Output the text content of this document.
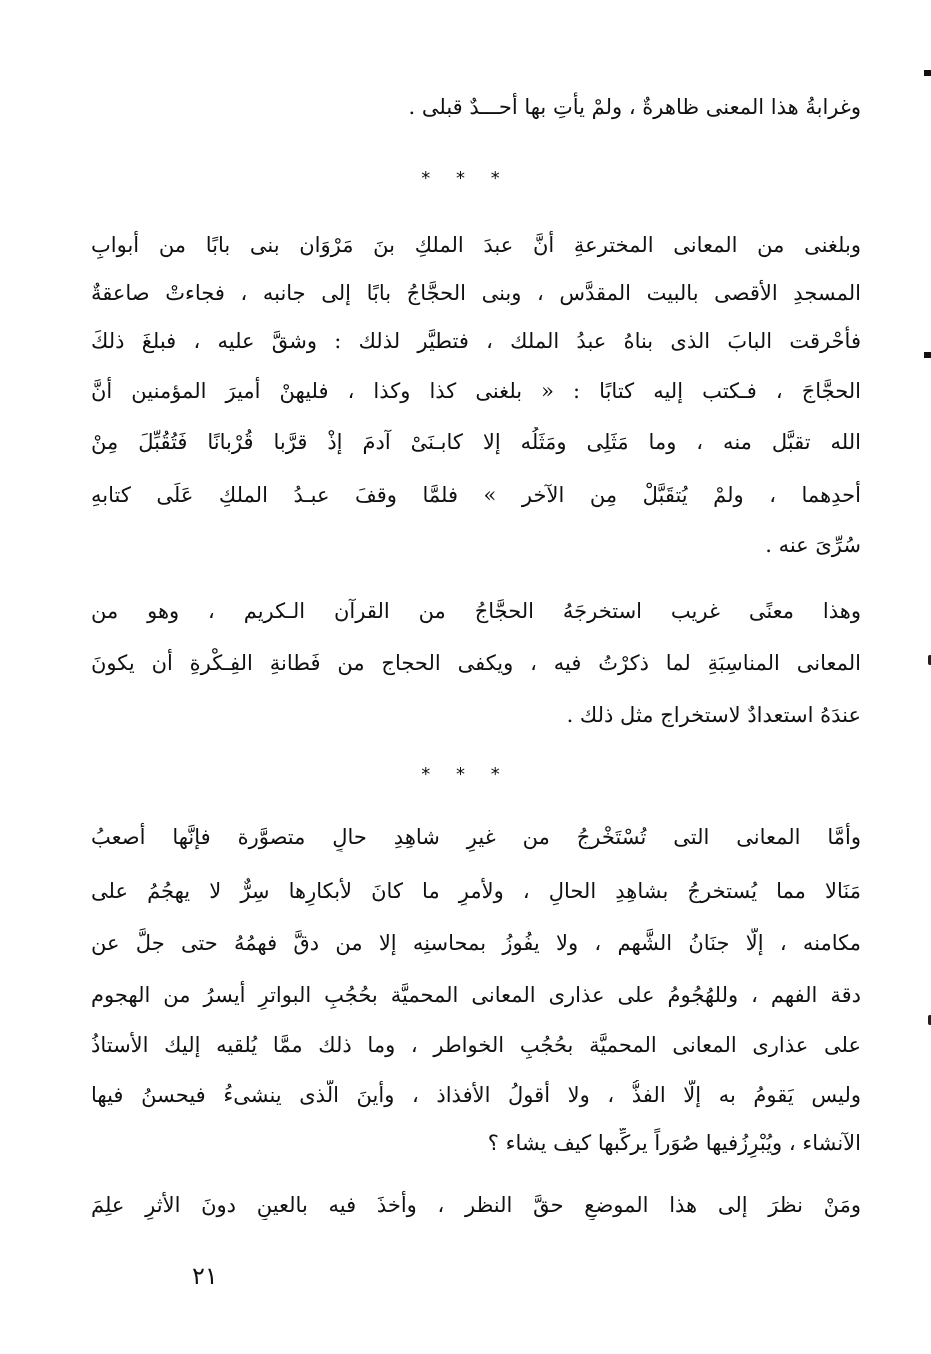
وغرابةُ هذا المعنى ظاهرةٌ ، ولمْ يأتِ بها أحـــدٌ قبلى .
* * *
وبلغنى من المعانى المخترعةِ أنَّ عبدَ الملكِ بنَ مَرْوَان بنى بابًا من أبوابِ
المسجدِ الأقصى بالبيت المقدَّس ، وبنى الحجَّاجُ بابًا إلى جانبه ، فجاءتْ صاعقةٌ
فأحْرقت البابَ الذى بناهُ عبدُ الملك ، فتطيَّر لذلك : وشقَّ عليه ، فبلغَ ذلكَ
الحجَّاجَ ، فـكتب إليه كتابًا : « بلغنى كذا وكذا ، فليهنْ أميرَ المؤمنين أنَّ
الله تقبَّل منه ، وما مَثَلِى ومَثَلُه إلا كابـنَىْ آدمَ إذْ قرَّبا قُرْبانًا فَتُقُبِّلَ مِنْ
أحدِهما ، ولمْ يُتقَبَّلْ مِن الآخر » فلمَّا وقفَ عبـدُ الملكِ عَلَى كتابهِ
سُرِّىَ عنه .
وهذا معنًى غريب استخرجَهُ الحجَّاجُ من القرآن الـكريم ، وهو من
المعانى المناسِبَةِ لما ذكرْتُ فيه ، ويكفى الحجاج من فَطانةِ الفِـكْرةِ أن يكونَ
عندَهُ استعدادٌ لاستخراج مثل ذلك .
* * *
وأمَّا المعانى التى تُسْتَخْرجُ من غيرِ شاهِدِ حالٍ متصوَّرة فإنَّها أصعبُ
مَنَالا مما يُستخرجُ بشاهِدِ الحالِ ، ولأمرٍ ما كانَ لأبكارِها سِرٌّ لا يهجُمُ على
مكامنه ، إلَّا جنَانُ الشَّهم ، ولا يفُوزُ بمحاسنِه إلا من دقَّ فهمُهُ حتى جلَّ عن
دقة الفهم ، وللهُجُومُ على عذارى المعانى المحميَّة بحُجُبِ البواترِ أيسرُ من الهجوم
على عذارى المعانى المحميَّة بحُجُبِ الخواطر ، وما ذلك ممَّا يُلقيه إليك الأستاذُ
وليس يَقومُ به إلَّا الفذُّ ، ولا أقولُ الأفذاذ ، وأينَ الَّذى ينشىءُ فيحسنُ فيها
الآنشاء ، ويُبْرِزُفيها صُوَراً يركِّبها كيف يشاء ؟
ومَنْ نظرَ إلى هذا الموضعِ حقَّ النظر ، وأخذَ فيه بالعينِ دونَ الأثرِ علِمَ
٢١
